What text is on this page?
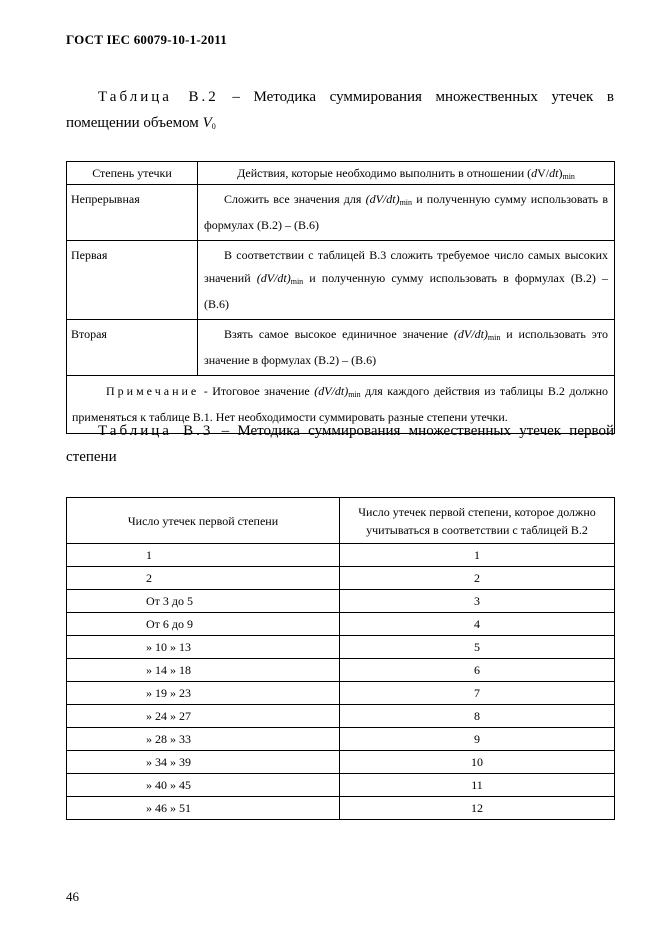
ГОСТ IEC 60079-10-1-2011
Таблица В.2 – Методика суммирования множественных утечек в помещении объемом $V_0$
Степень утечки	Действия, которые необходимо выполнить в отношении $(dV/dt)_{min}$
Непрерывная	Сложить все значения для $(dV/dt)_{min}$ и полученную сумму использовать в формулах (В.2) – (В.6)
Первая	В соответствии с таблицей В.3 сложить требуемое число самых высоких значений $(dV/dt)_{min}$ и полученную сумму использовать в формулах (В.2) – (В.6)
Вторая	Взять самое высокое единичное значение $(dV/dt)_{min}$ и использовать это значение в формулах (В.2) – (В.6)
Примечание - Итоговое значение $(dV/dt)_{min}$ для каждого действия из таблицы В.2 должно применяться к таблице В.1. Нет необходимости суммировать разные степени утечки.	
Таблица В.3 – Методика суммирования множественных утечек первой степени
Число утечек первой степени	Число утечек первой степени, которое должно учитываться в соответствии с таблицей В.2
1	1
2	2
От 3 до 5	3
От 6 до 9	4
» 10 » 13	5
» 14 » 18	6
» 19 » 23	7
» 24 » 27	8
» 28 » 33	9
» 34 » 39	10
» 40 » 45	11
» 46 » 51	12
46
